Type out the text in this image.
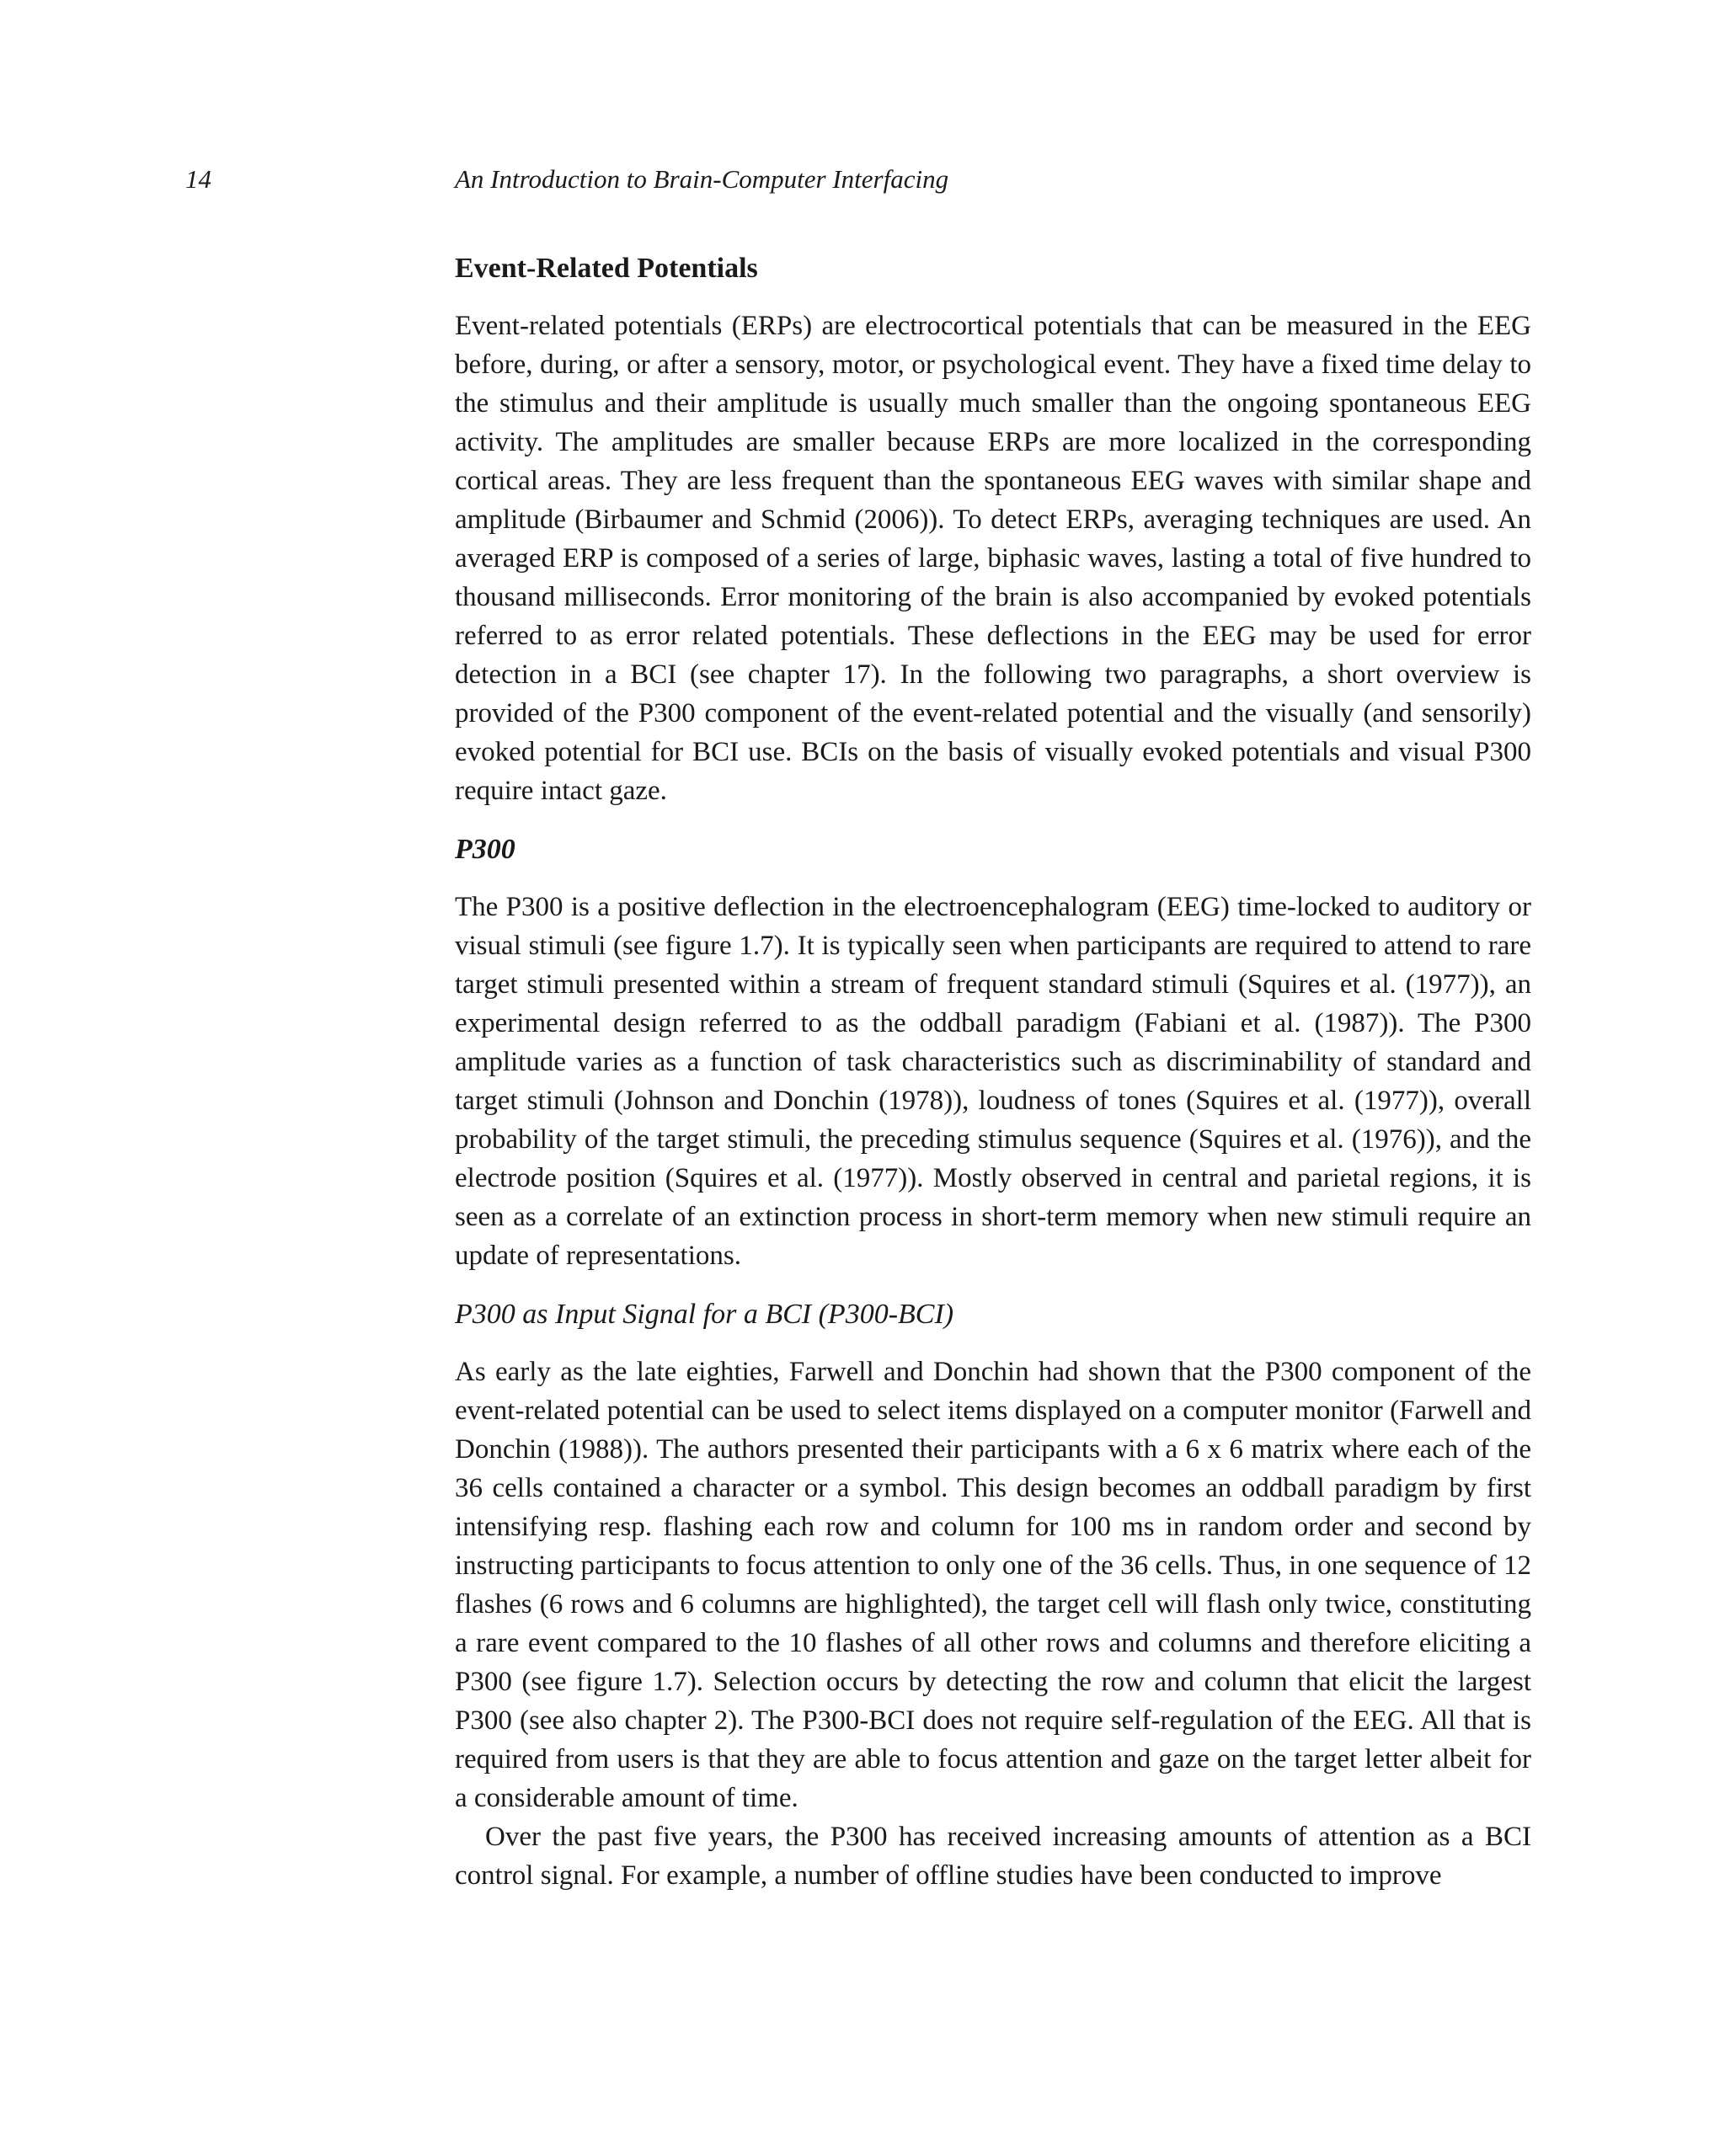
14	An Introduction to Brain-Computer Interfacing
Event-Related Potentials

Event-related potentials (ERPs) are electrocortical potentials that can be measured in the EEG before, during, or after a sensory, motor, or psychological event. They have a fixed time delay to the stimulus and their amplitude is usually much smaller than the ongoing spontaneous EEG activity. The amplitudes are smaller because ERPs are more localized in the corresponding cortical areas. They are less frequent than the spontaneous EEG waves with similar shape and amplitude (Birbaumer and Schmid (2006)). To detect ERPs, averaging techniques are used. An averaged ERP is composed of a series of large, biphasic waves, lasting a total of five hundred to thousand milliseconds. Error monitoring of the brain is also accompanied by evoked potentials referred to as error related potentials. These deflections in the EEG may be used for error detection in a BCI (see chapter 17). In the following two paragraphs, a short overview is provided of the P300 component of the event-related potential and the visually (and sensorily) evoked potential for BCI use. BCIs on the basis of visually evoked potentials and visual P300 require intact gaze.

P300

The P300 is a positive deflection in the electroencephalogram (EEG) time-locked to auditory or visual stimuli (see figure 1.7). It is typically seen when participants are required to attend to rare target stimuli presented within a stream of frequent standard stimuli (Squires et al. (1977)), an experimental design referred to as the oddball paradigm (Fabiani et al. (1987)). The P300 amplitude varies as a function of task characteristics such as discriminability of standard and target stimuli (Johnson and Donchin (1978)), loudness of tones (Squires et al. (1977)), overall probability of the target stimuli, the preceding stimulus sequence (Squires et al. (1976)), and the electrode position (Squires et al. (1977)). Mostly observed in central and parietal regions, it is seen as a correlate of an extinction process in short-term memory when new stimuli require an update of representations.

P300 as Input Signal for a BCI (P300-BCI)

As early as the late eighties, Farwell and Donchin had shown that the P300 component of the event-related potential can be used to select items displayed on a computer monitor (Farwell and Donchin (1988)). The authors presented their participants with a 6 x 6 matrix where each of the 36 cells contained a character or a symbol. This design becomes an oddball paradigm by first intensifying resp. flashing each row and column for 100 ms in random order and second by instructing participants to focus attention to only one of the 36 cells. Thus, in one sequence of 12 flashes (6 rows and 6 columns are highlighted), the target cell will flash only twice, constituting a rare event compared to the 10 flashes of all other rows and columns and therefore eliciting a P300 (see figure 1.7). Selection occurs by detecting the row and column that elicit the largest P300 (see also chapter 2). The P300-BCI does not require self-regulation of the EEG. All that is required from users is that they are able to focus attention and gaze on the target letter albeit for a considerable amount of time.

Over the past five years, the P300 has received increasing amounts of attention as a BCI control signal. For example, a number of offline studies have been conducted to improve
